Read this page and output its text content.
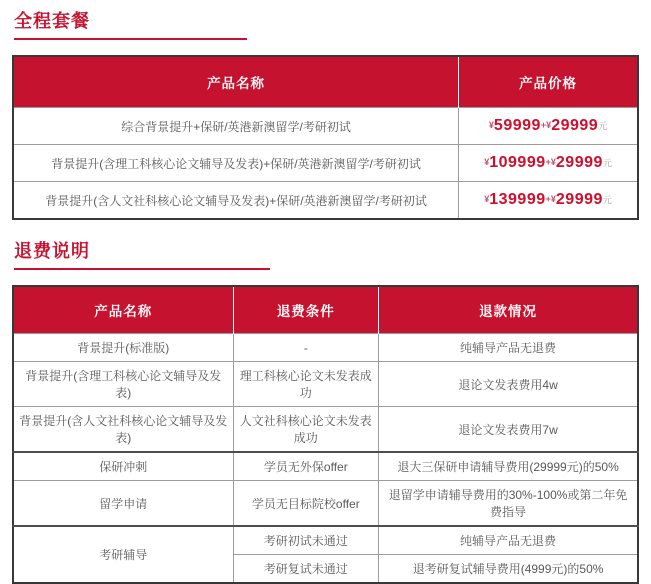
全程套餐
产品名称	产品价格
综合背景提升+保研/英港新澳留学/考研初试	¥59999+¥29999元
背景提升(含理工科核心论文辅导及发表)+保研/英港新澳留学/考研初试	¥109999+¥29999元
背景提升(含人文社科核心论文辅导及发表)+保研/英港新澳留学/考研初试	¥139999+¥29999元
退费说明
产品名称	退费条件	退款情况
背景提升(标准版)	-	纯辅导产品无退费
背景提升(含理工科核心论文辅导及发表)	理工科核心论文未发表成功	退论文发表费用4w
背景提升(含人文社科核心论文辅导及发表)	人文社科核心论文未发表成功	退论文发表费用7w
保研冲刺	学员无外保offer	退大三保研申请辅导费用(29999元)的50%
留学申请	学员无目标院校offer	退留学申请辅导费用的30%-100%或第二年免费指导
考研辅导	考研初试未通过	纯辅导产品无退费
	考研复试未通过	退考研复试辅导费用(4999元)的50%
